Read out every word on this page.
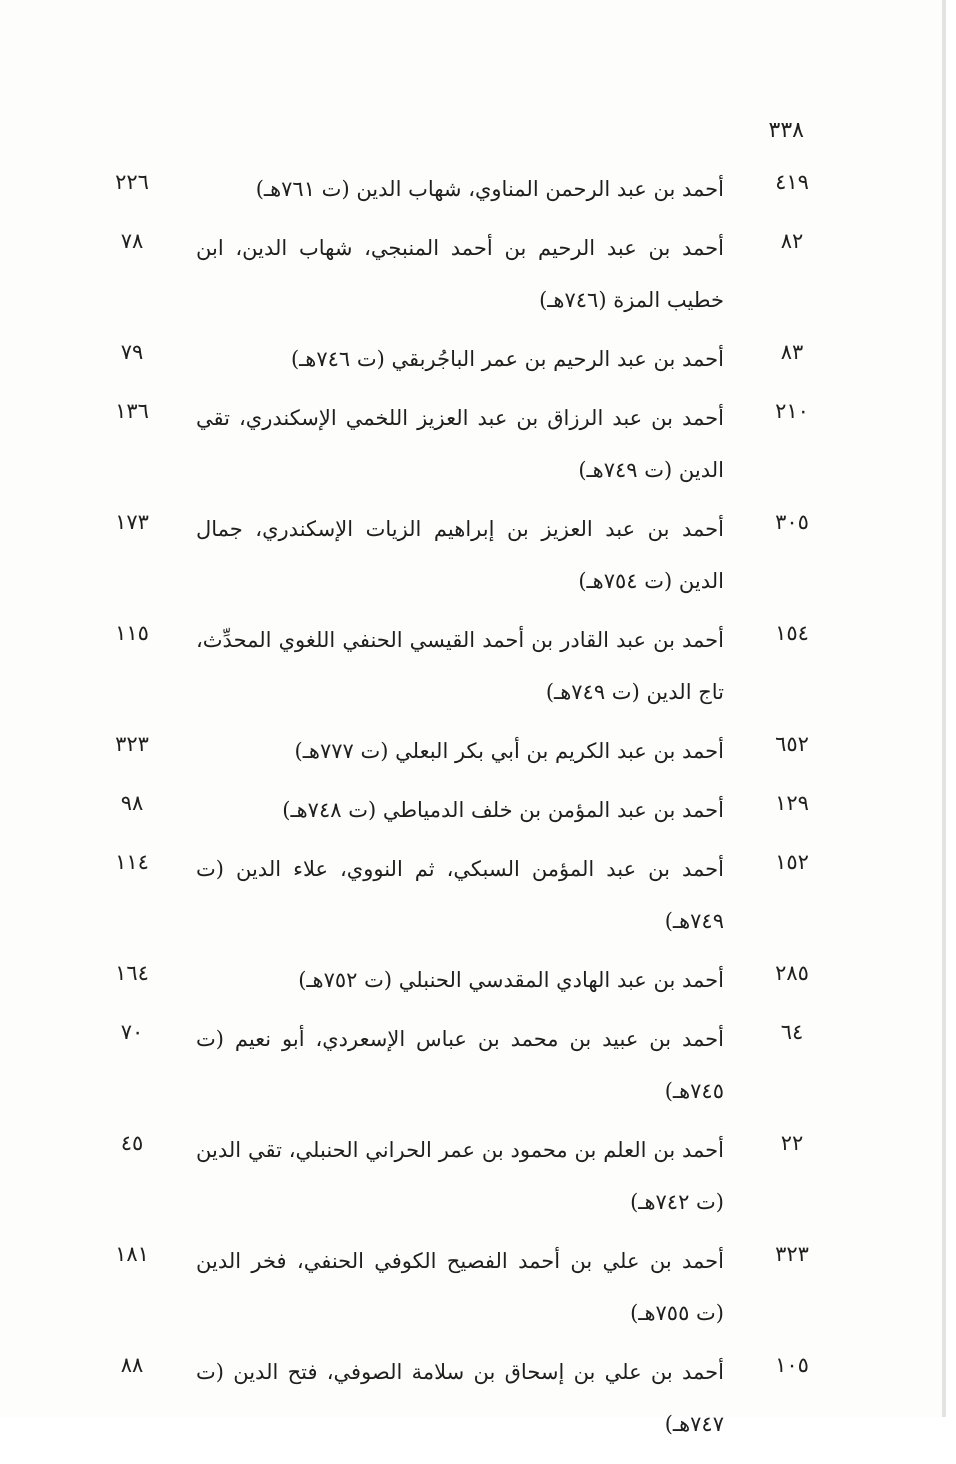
٣٣٨
٤١٩
أحمد بن عبد الرحمن المناوي، شهاب الدين (ت ٧٦١هـ)
٢٢٦
٨٢
أحمد بن عبد الرحيم بن أحمد المنبجي، شهاب الدين، ابن خطيب المزة (٧٤٦هـ)
٧٨
٨٣
أحمد بن عبد الرحيم بن عمر الباجُربقي (ت ٧٤٦هـ)
٧٩
٢١٠
أحمد بن عبد الرزاق بن عبد العزيز اللخمي الإسكندري، تقي الدين (ت ٧٤٩هـ)
١٣٦
٣٠٥
أحمد بن عبد العزيز بن إبراهيم الزيات الإسكندري، جمال الدين (ت ٧٥٤هـ)
١٧٣
١٥٤
أحمد بن عبد القادر بن أحمد القيسي الحنفي اللغوي المحدِّث، تاج الدين (ت ٧٤٩هـ)
١١٥
٦٥٢
أحمد بن عبد الكريم بن أبي بكر البعلي (ت ٧٧٧هـ)
٣٢٣
١٢٩
أحمد بن عبد المؤمن بن خلف الدمياطي (ت ٧٤٨هـ)
٩٨
١٥٢
أحمد بن عبد المؤمن السبكي، ثم النووي، علاء الدين (ت ٧٤٩هـ)
١١٤
٢٨٥
أحمد بن عبد الهادي المقدسي الحنبلي (ت ٧٥٢هـ)
١٦٤
٦٤
أحمد بن عبيد بن محمد بن عباس الإسعردي، أبو نعيم (ت ٧٤٥هـ)
٧٠
٢٢
أحمد بن العلم بن محمود بن عمر الحراني الحنبلي، تقي الدين (ت ٧٤٢هـ)
٤٥
٣٢٣
أحمد بن علي بن أحمد الفصيح الكوفي الحنفي، فخر الدين (ت ٧٥٥هـ)
١٨١
١٠٥
أحمد بن علي بن إسحاق بن سلامة الصوفي، فتح الدين (ت ٧٤٧هـ)
٨٨
